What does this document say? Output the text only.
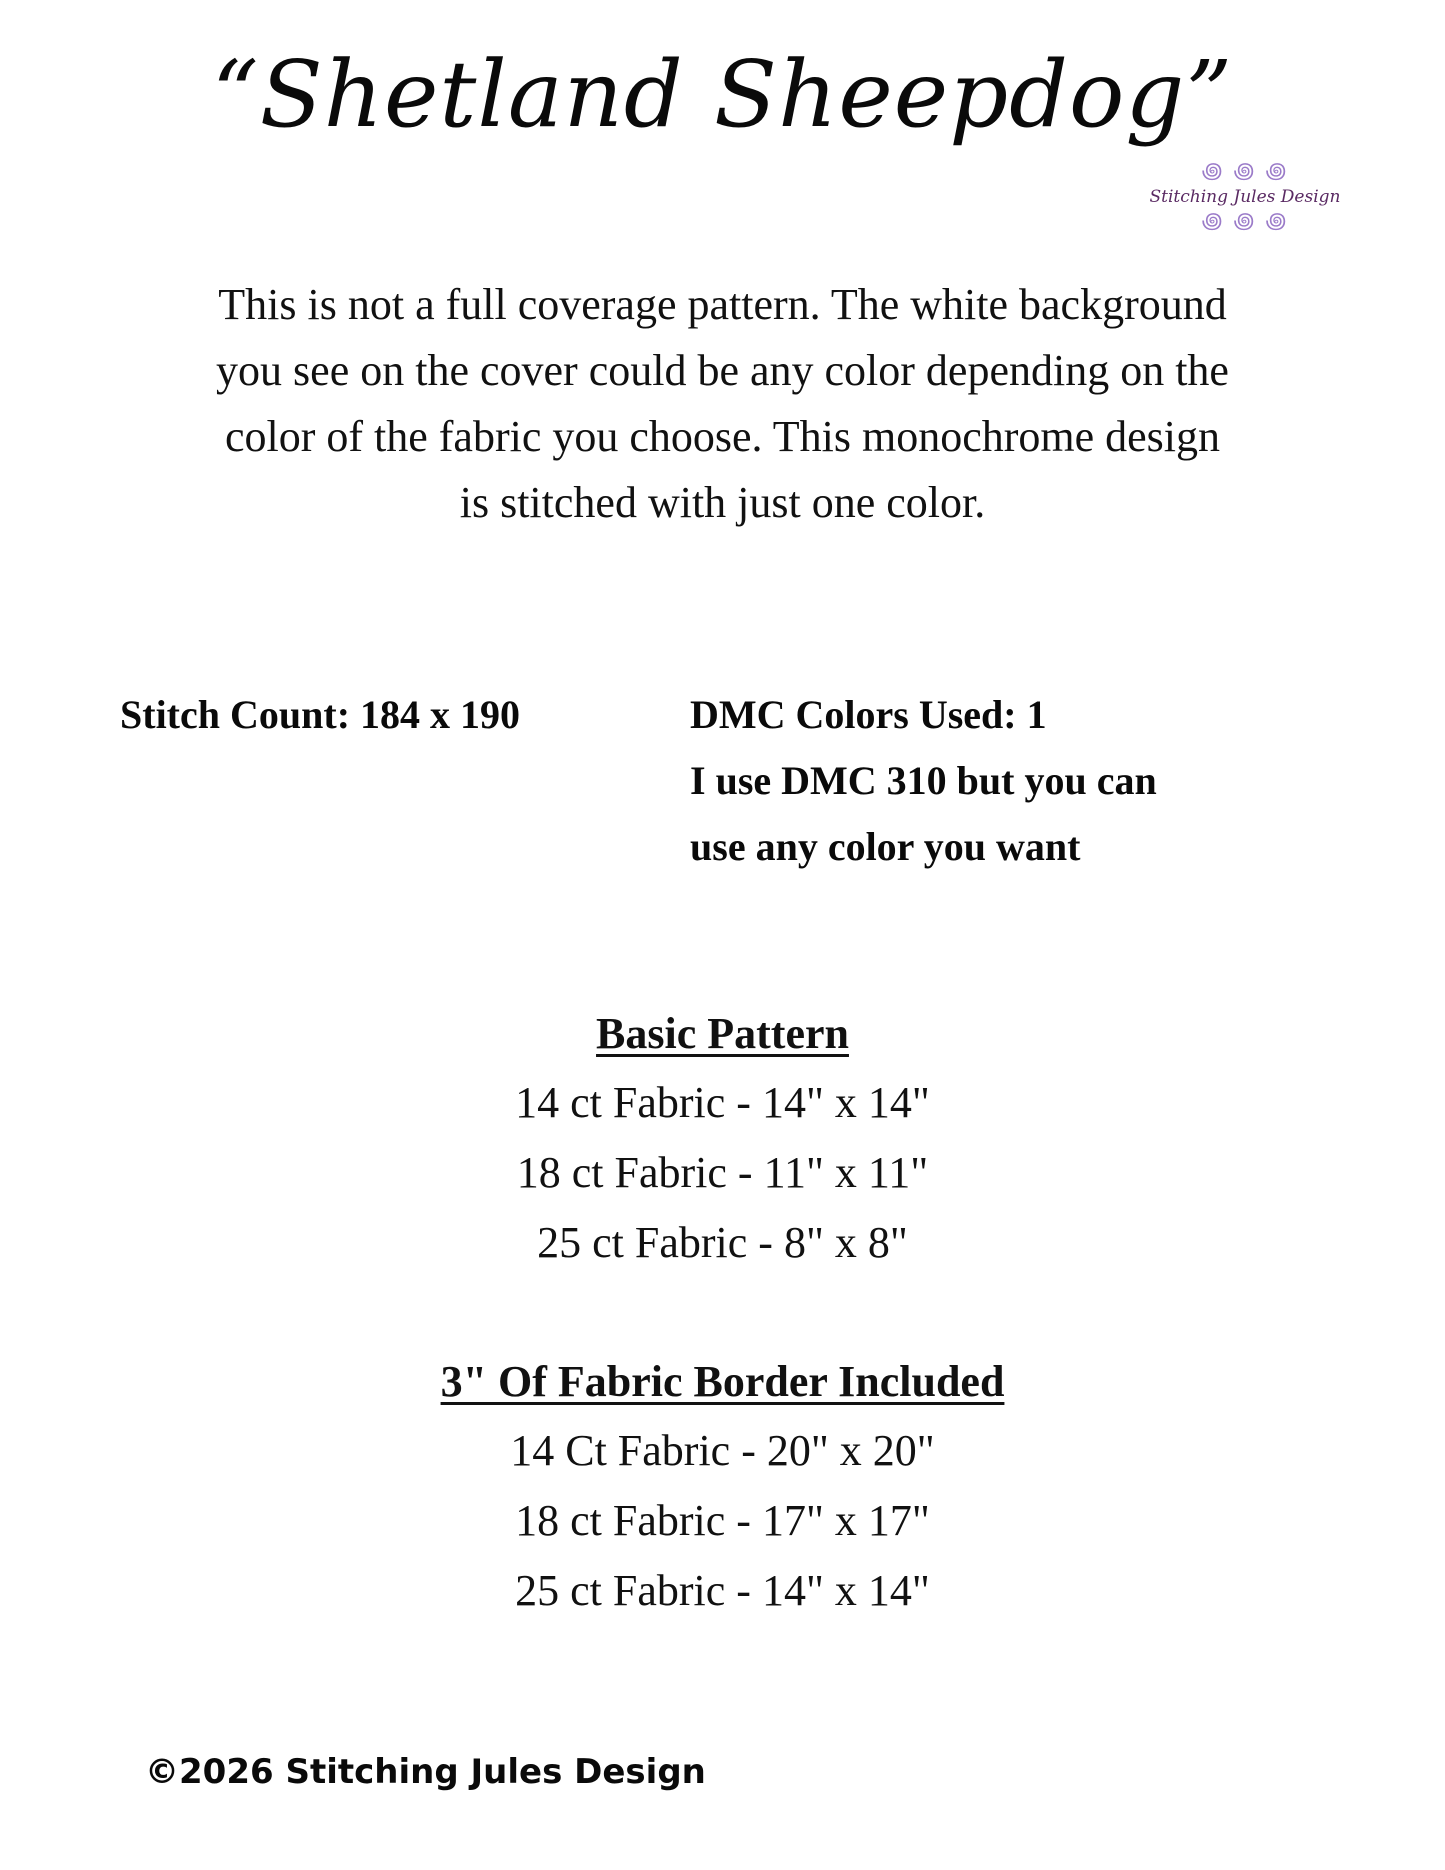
“Shetland Sheepdog”
꩜ ꩜ ꩜
Stitching Jules Design
꩜ ꩜ ꩜
This is not a full coverage pattern. The white background
you see on the cover could be any color depending on the
color of the fabric you choose. This monochrome design
is stitched with just one color.
Stitch Count: 184 x 190	DMC Colors Used: 1
I use DMC 310 but you can
use any color you want
Basic Pattern
14 ct Fabric - 14" x 14"
18 ct Fabric - 11" x 11"
25 ct Fabric - 8" x 8"
3" Of Fabric Border Included
14 Ct Fabric - 20" x 20"
18 ct Fabric - 17" x 17"
25 ct Fabric - 14" x 14"
©2026 Stitching Jules Design
